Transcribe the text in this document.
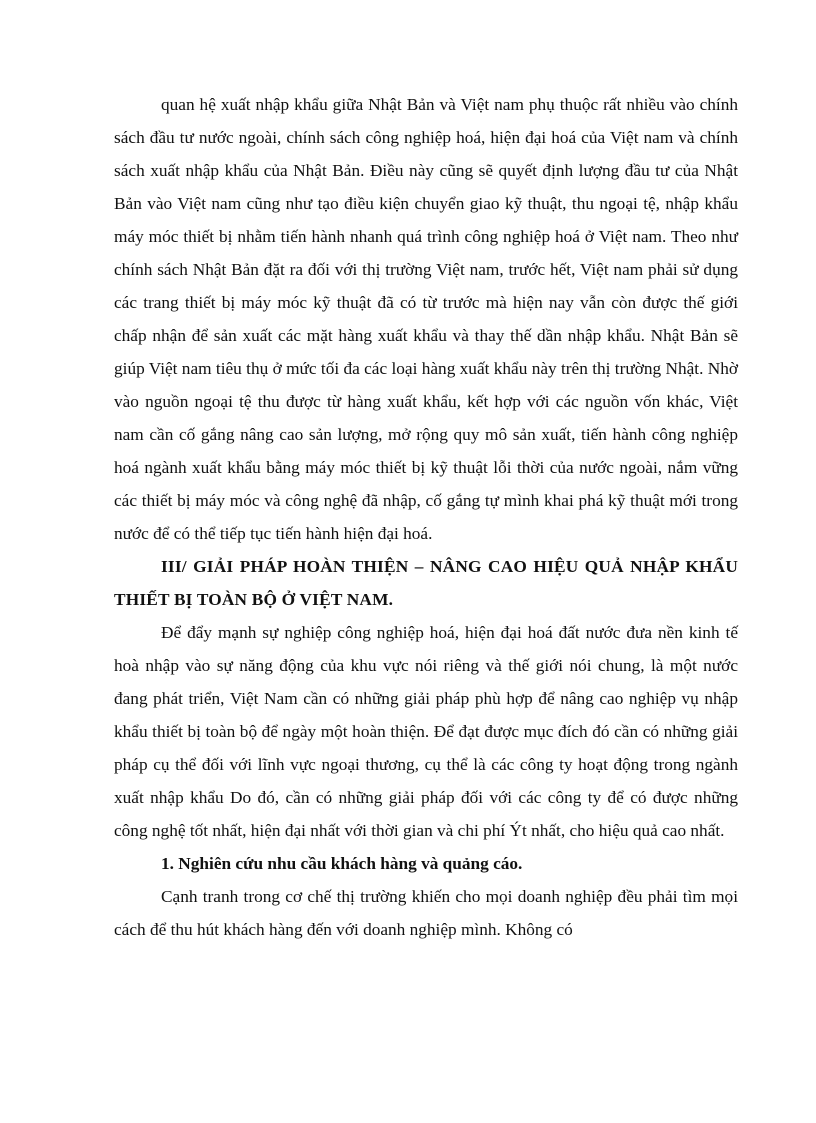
quan hệ xuất nhập khẩu giữa Nhật Bản và Việt nam phụ thuộc rất nhiều vào chính sách đầu tư nước ngoài, chính sách công nghiệp hoá, hiện đại hoá của Việt nam và chính sách xuất nhập khẩu của Nhật Bản. Điều này cũng sẽ quyết định lượng đầu tư của Nhật Bản vào Việt nam cũng như tạo điều kiện chuyển giao kỹ thuật, thu ngoại tệ, nhập khẩu máy móc thiết bị nhằm tiến hành nhanh quá trình công nghiệp hoá ở Việt nam. Theo như chính sách Nhật Bản đặt ra đối với thị trường Việt nam, trước hết, Việt nam phải sử dụng các trang thiết bị máy móc kỹ thuật đã có từ trước mà hiện nay vẫn còn được thế giới chấp nhận để sản xuất các mặt hàng xuất khẩu và thay thế dần nhập khẩu. Nhật Bản sẽ giúp Việt nam tiêu thụ ở mức tối đa các loại hàng xuất khẩu này trên thị trường Nhật. Nhờ vào nguồn ngoại tệ thu được từ hàng xuất khẩu, kết hợp với các nguồn vốn khác, Việt nam cần cố gắng nâng cao sản lượng, mở rộng quy mô sản xuất, tiến hành công nghiệp hoá ngành xuất khẩu bằng máy móc thiết bị kỹ thuật lỗi thời của nước ngoài, nắm vững các thiết bị máy móc và công nghệ đã nhập, cố gắng tự mình khai phá kỹ thuật mới trong nước để có thể tiếp tục tiến hành hiện đại hoá.

III/ GIẢI PHÁP HOÀN THIỆN – NÂNG CAO HIỆU QUẢ NHẬP KHẨU THIẾT BỊ TOÀN BỘ Ở VIỆT NAM.

Để đẩy mạnh sự nghiệp công nghiệp hoá, hiện đại hoá đất nước đưa nền kinh tế hoà nhập vào sự năng động của khu vực nói riêng và thế giới nói chung, là một nước đang phát triển, Việt Nam cần có những giải pháp phù hợp để nâng cao nghiệp vụ nhập khẩu thiết bị toàn bộ để ngày một hoàn thiện. Để đạt được mục đích đó cần có những giải pháp cụ thể đối với lĩnh vực ngoại thương, cụ thể là các công ty hoạt động trong ngành xuất nhập khẩu Do đó, cần có những giải pháp đối với các công ty để có được những công nghệ tốt nhất, hiện đại nhất với thời gian và chi phí Ýt nhất, cho hiệu quả cao nhất.

1. Nghiên cứu nhu cầu khách hàng và quảng cáo.

Cạnh tranh trong cơ chế thị trường khiến cho mọi doanh nghiệp đều phải tìm mọi cách để thu hút khách hàng đến với doanh nghiệp mình. Không có
